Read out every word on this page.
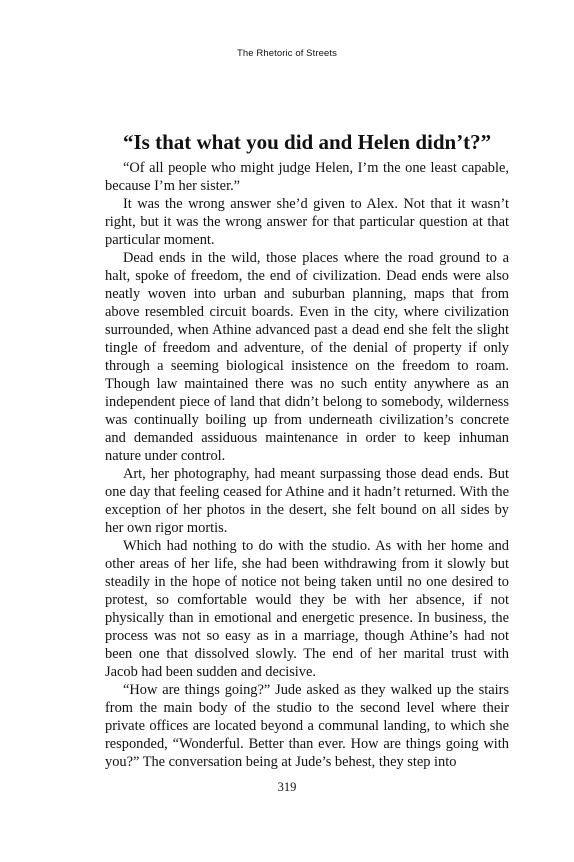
The Rhetoric of Streets
“Is that what you did and Helen didn’t?”

“Of all people who might judge Helen, I’m the one least capable, because I’m her sister.”

It was the wrong answer she’d given to Alex. Not that it wasn’t right, but it was the wrong answer for that particular question at that particular moment.

Dead ends in the wild, those places where the road ground to a halt, spoke of freedom, the end of civilization. Dead ends were also neatly woven into urban and suburban planning, maps that from above resembled circuit boards. Even in the city, where civilization surrounded, when Athine advanced past a dead end she felt the slight tingle of freedom and adventure, of the denial of property if only through a seeming biological insistence on the freedom to roam. Though law maintained there was no such entity anywhere as an independent piece of land that didn’t belong to somebody, wilderness was continually boiling up from underneath civilization’s concrete and demanded assiduous maintenance in order to keep inhuman nature under control.

Art, her photography, had meant surpassing those dead ends. But one day that feeling ceased for Athine and it hadn’t returned. With the exception of her photos in the desert, she felt bound on all sides by her own rigor mortis.

Which had nothing to do with the studio. As with her home and other areas of her life, she had been withdrawing from it slowly but steadily in the hope of notice not being taken until no one desired to protest, so comfortable would they be with her absence, if not physically than in emotional and energetic presence. In business, the process was not so easy as in a marriage, though Athine’s had not been one that dissolved slowly. The end of her marital trust with Jacob had been sudden and decisive.

“How are things going?” Jude asked as they walked up the stairs from the main body of the studio to the second level where their private offices are located beyond a communal landing, to which she responded, “Wonderful. Better than ever. How are things going with you?” The conversation being at Jude’s behest, they step into

319
